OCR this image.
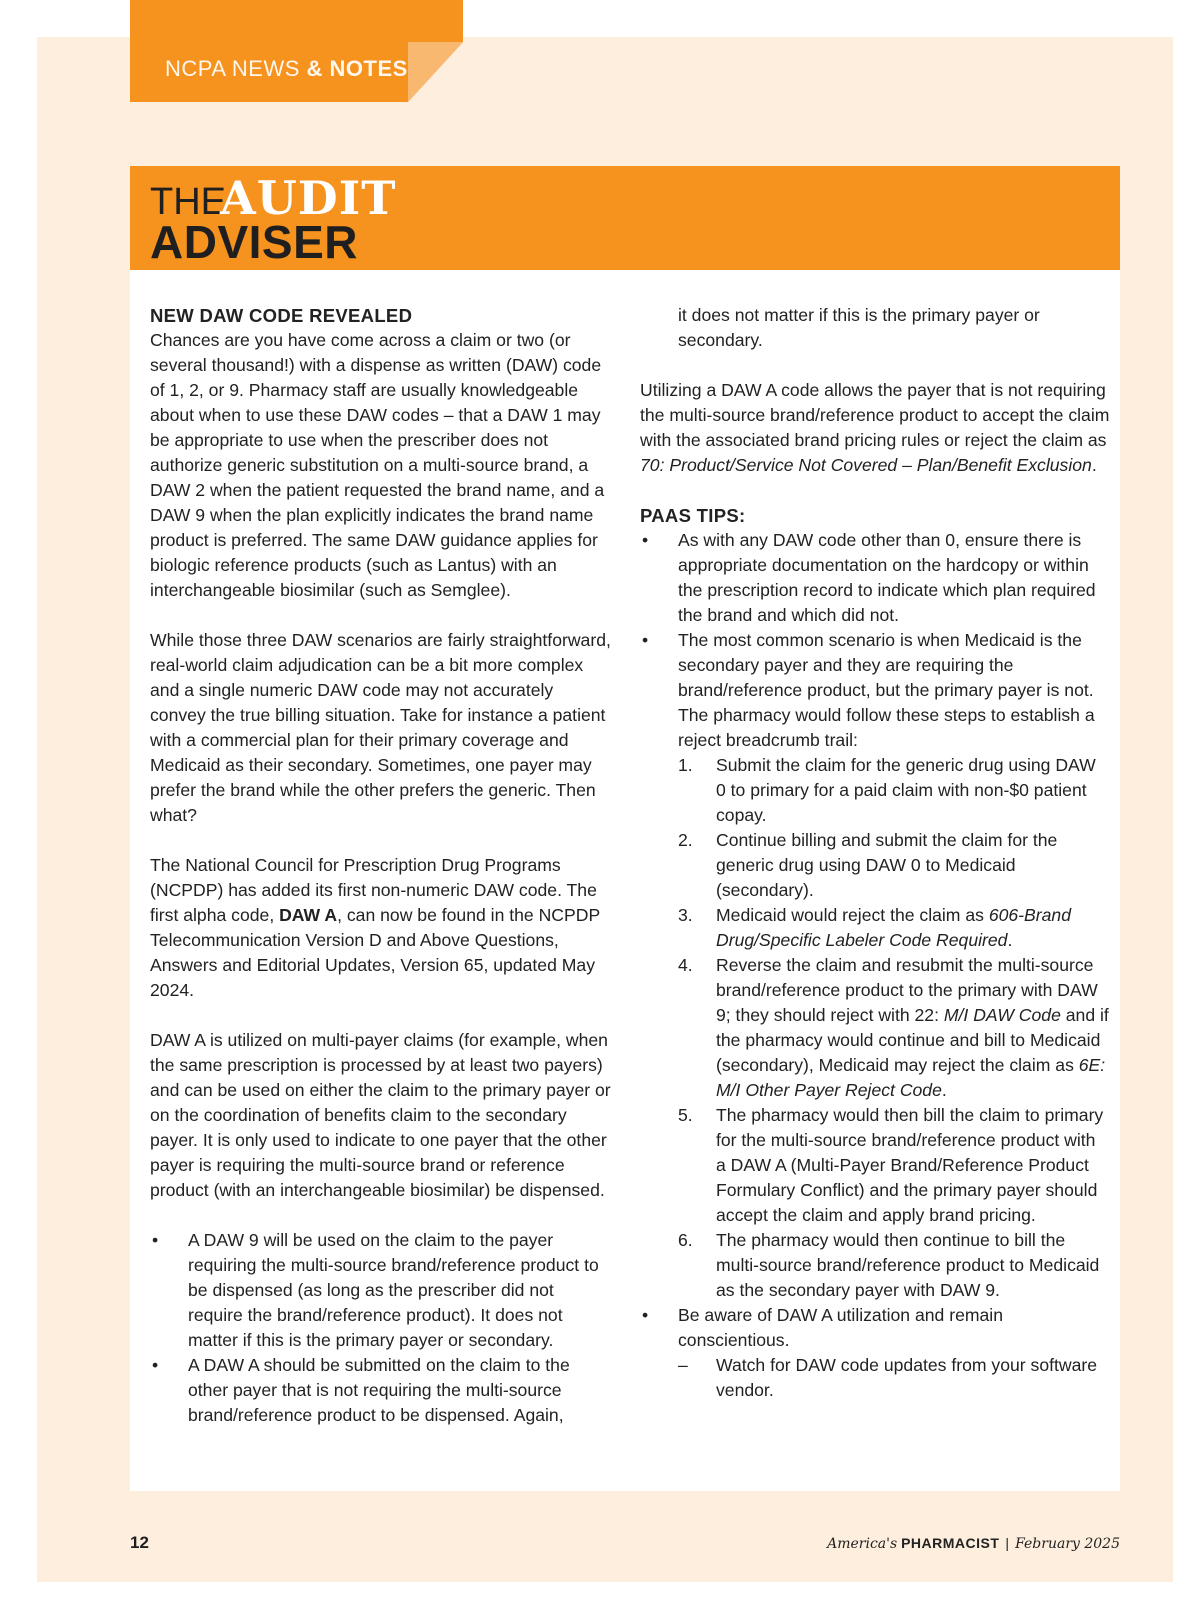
NCPA NEWS & NOTES
THE
AUDIT
ADVISER

NEW DAW CODE REVEALED

Chances are you have come across a claim or two (or several thousand!) with a dispense as written (DAW) code of 1, 2, or 9. Pharmacy staff are usually knowledgeable about when to use these DAW codes – that a DAW 1 may be appropriate to use when the prescriber does not authorize generic substitution on a multi-source brand, a DAW 2 when the patient requested the brand name, and a DAW 9 when the plan explicitly indicates the brand name product is preferred. The same DAW guidance applies for biologic reference products (such as Lantus) with an interchangeable biosimilar (such as Semglee).

While those three DAW scenarios are fairly straightforward, real-world claim adjudication can be a bit more complex and a single numeric DAW code may not accurately convey the true billing situation. Take for instance a patient with a commercial plan for their primary coverage and Medicaid as their secondary. Sometimes, one payer may prefer the brand while the other prefers the generic. Then what?

The National Council for Prescription Drug Programs (NCPDP) has added its first non-numeric DAW code. The first alpha code, DAW A, can now be found in the NCPDP Telecommunication Version D and Above Questions, Answers and Editorial Updates, Version 65, updated May 2024.

DAW A is utilized on multi-payer claims (for example, when the same prescription is processed by at least two payers) and can be used on either the claim to the primary payer or on the coordination of benefits claim to the secondary payer. It is only used to indicate to one payer that the other payer is requiring the multi-source brand or reference product (with an interchangeable biosimilar) be dispensed.

•	A DAW 9 will be used on the claim to the payer requiring the multi-source brand/reference product to be dispensed (as long as the prescriber did not require the brand/reference product). It does not matter if this is the primary payer or secondary.
•	A DAW A should be submitted on the claim to the other payer that is not requiring the multi-source brand/reference product to be dispensed. Again,

it does not matter if this is the primary payer or secondary.

Utilizing a DAW A code allows the payer that is not requiring the multi-source brand/reference product to accept the claim with the associated brand pricing rules or reject the claim as 70: Product/Service Not Covered – Plan/Benefit Exclusion.

PAAS TIPS:

•	As with any DAW code other than 0, ensure there is appropriate documentation on the hardcopy or within the prescription record to indicate which plan required the brand and which did not.
•	The most common scenario is when Medicaid is the secondary payer and they are requiring the brand/reference product, but the primary payer is not. The pharmacy would follow these steps to establish a reject breadcrumb trail:
1.	Submit the claim for the generic drug using DAW 0 to primary for a paid claim with non-$0 patient copay.
2.	Continue billing and submit the claim for the generic drug using DAW 0 to Medicaid (secondary).
3.	Medicaid would reject the claim as 606-Brand Drug/Specific Labeler Code Required.
4.	Reverse the claim and resubmit the multi-source brand/reference product to the primary with DAW 9; they should reject with 22: M/I DAW Code and if the pharmacy would continue and bill to Medicaid (secondary), Medicaid may reject the claim as 6E: M/I Other Payer Reject Code.
5.	The pharmacy would then bill the claim to primary for the multi-source brand/reference product with a DAW A (Multi-Payer Brand/Reference Product Formulary Conflict) and the primary payer should accept the claim and apply brand pricing.
6.	The pharmacy would then continue to bill the multi-source brand/reference product to Medicaid as the secondary payer with DAW 9.
•	Be aware of DAW A utilization and remain conscientious.
–	Watch for DAW code updates from your software vendor.
12	America's PHARMACIST | February 2025
